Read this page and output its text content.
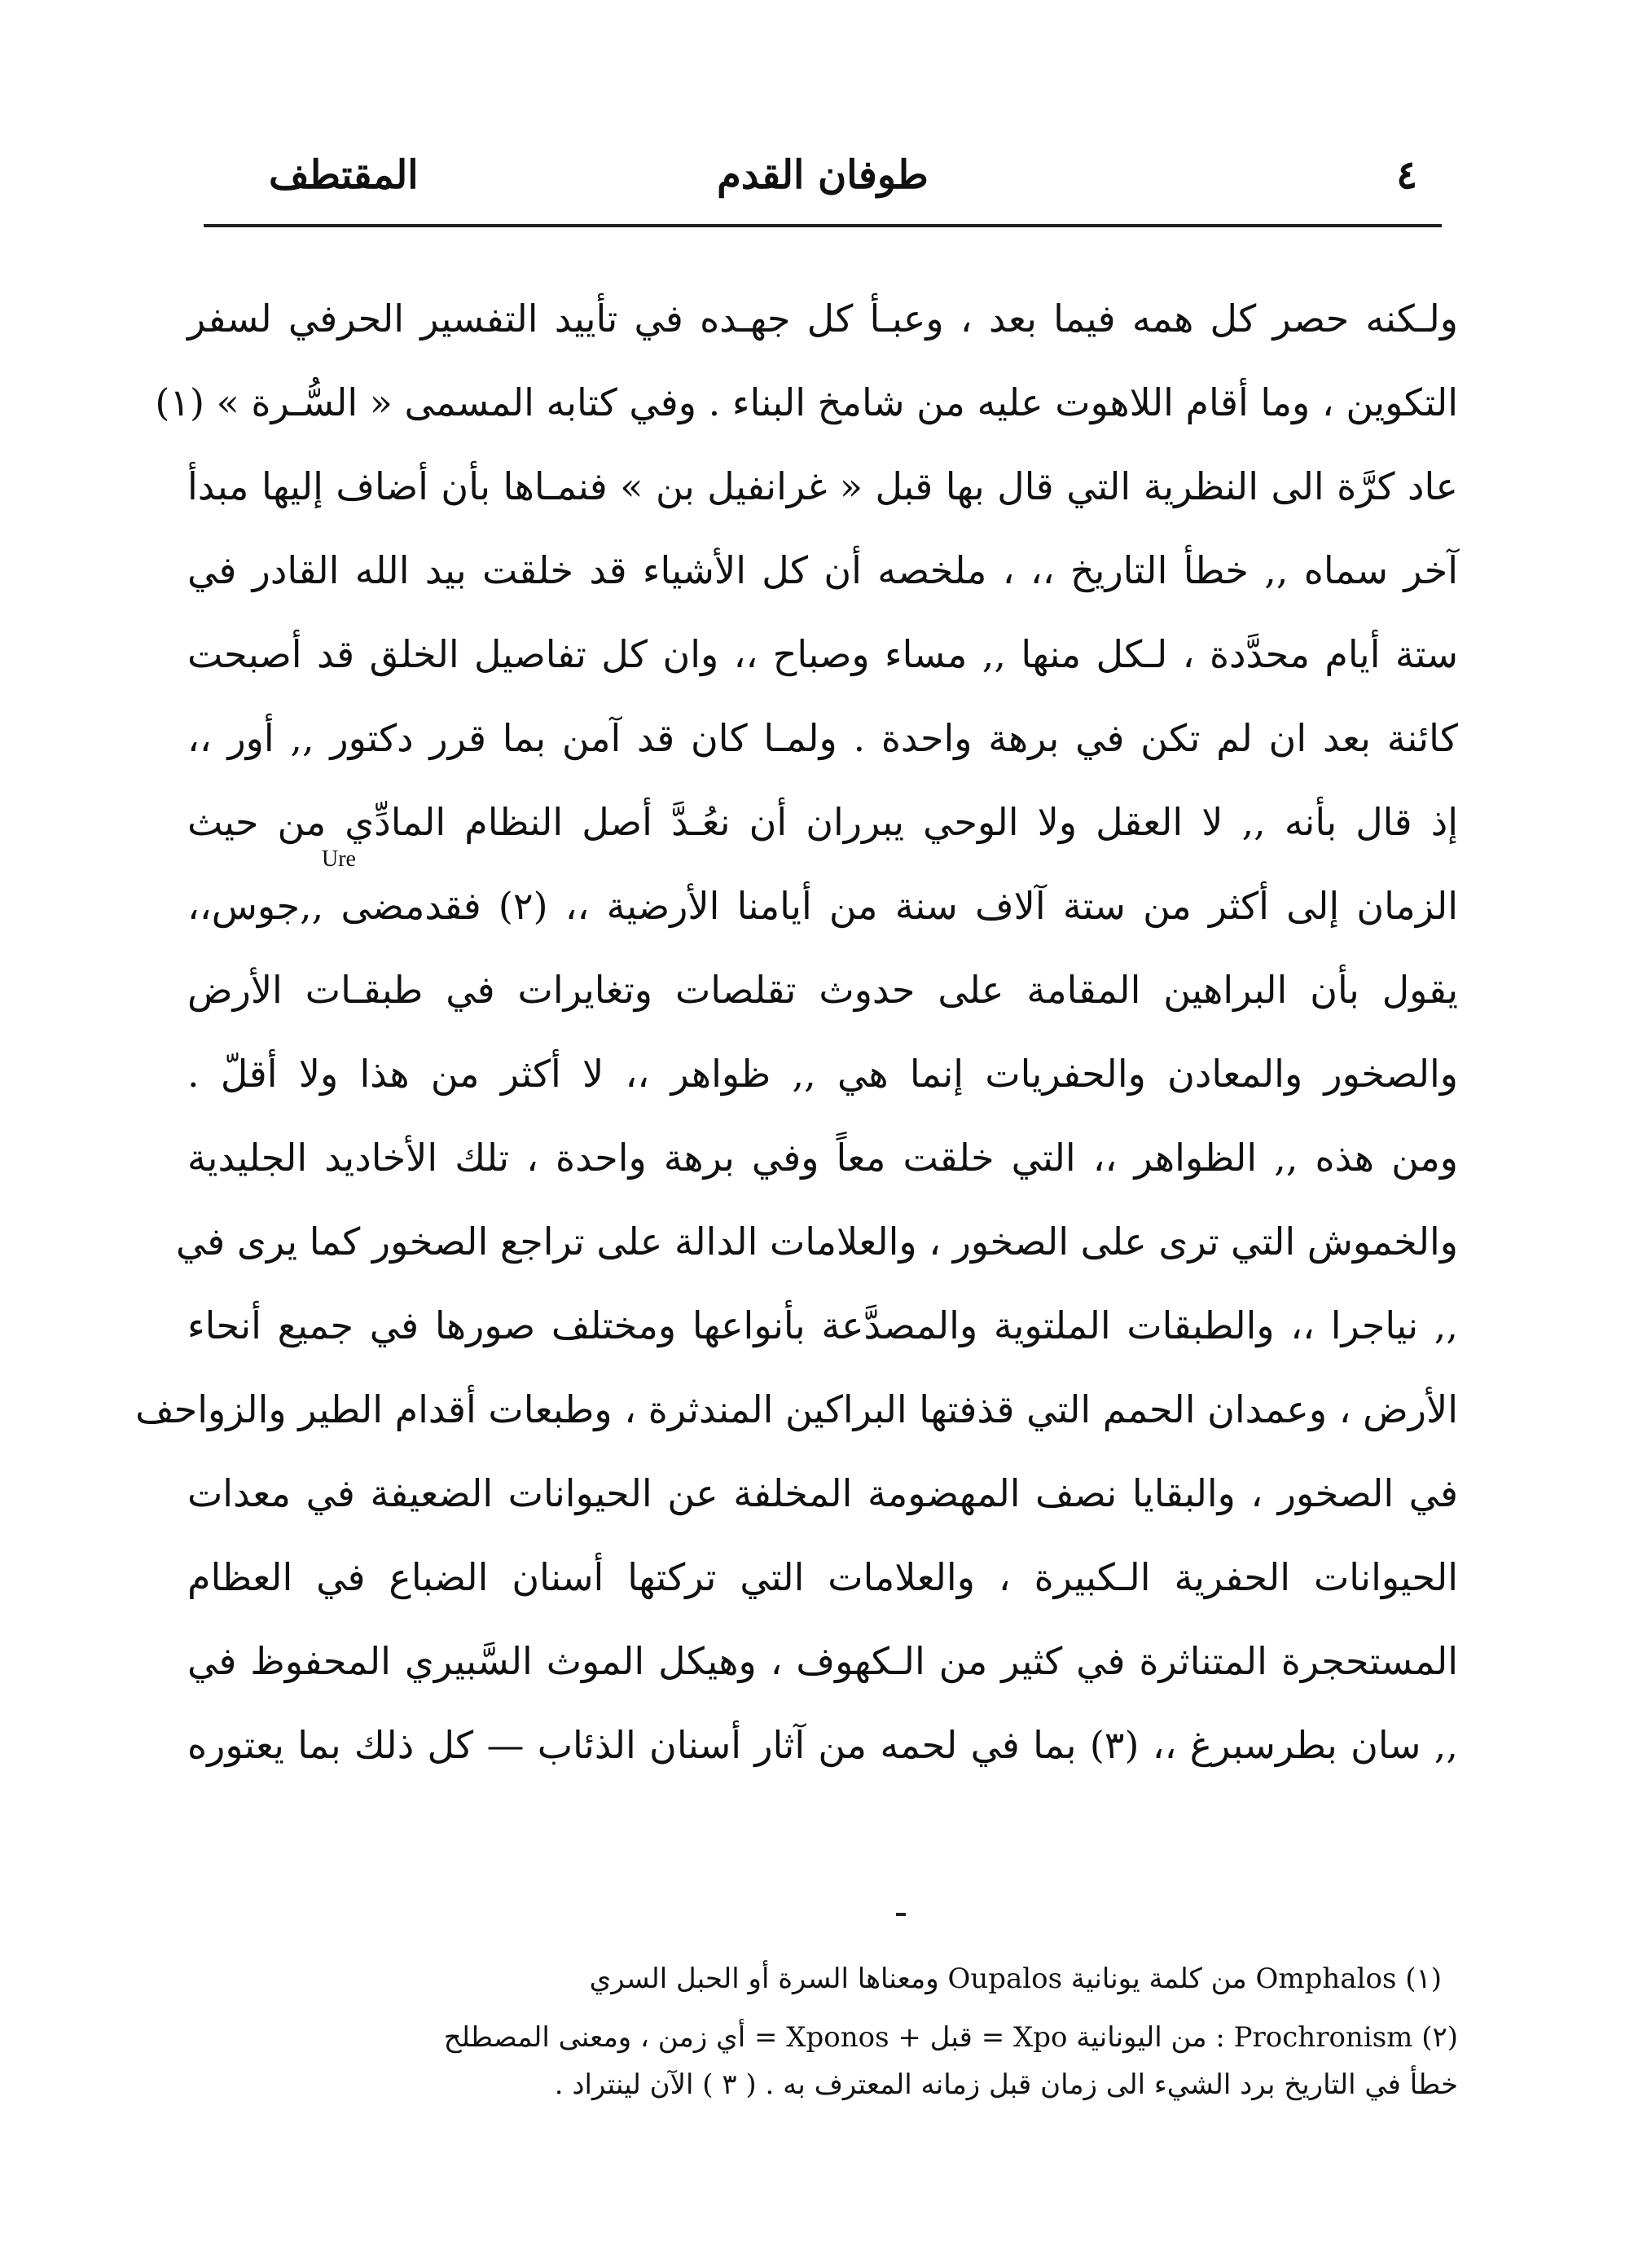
٤
طوفان القدم
المقتطف
ولـكنه حصر كل همه فيما بعد ، وعبـأ كل جهـده في تأييد التفسير الحرفي لسفر
التكوين ، وما أقام اللاهوت عليه من شامخ البناء . وفي كتابه المسمى « السُّـرة » (١)
عاد كرَّة الى النظرية التي قال بها قبل « غرانفيل بن » فنمـاها بأن أضاف إليها مبدأ
آخر سماه ,, خطأ التاريخ ،، ، ملخصه أن كل الأشياء قد خلقت بيد الله القادر في
ستة أيام محدَّدة ، لـكل منها ,, مساء وصباح ،، وان كل تفاصيل الخلق قد أصبحت
كائنة بعد ان لم تكن في برهة واحدة . ولمـا كان قد آمن بما قرر دكتور ,, أور ،،
إذ قال بأنه ,, لا العقل ولا الوحي يبرران أن نعُـدَّ أصل النظام المادِّي من حيث
الزمان إلى أكثر من ستة آلاف سنة من أيامنا الأرضية ،، (٢) فقدمضى ,,جوس،،
يقول بأن البراهين المقامة على حدوث تقلصات وتغايرات في طبقـات الأرض
والصخور والمعادن والحفريات إنما هي ,, ظواهر ،، لا أكثر من هذا ولا أقلّ .
ومن هذه ,, الظواهر ،، التي خلقت معاً وفي برهة واحدة ، تلك الأخاديد الجليدية
والخموش التي ترى على الصخور ، والعلامات الدالة على تراجع الصخور كما يرى في
,, نياجرا ،، والطبقات الملتوية والمصدَّعة بأنواعها ومختلف صورها في جميع أنحاء
الأرض ، وعمدان الحمم التي قذفتها البراكين المندثرة ، وطبعات أقدام الطير والزواحف
في الصخور ، والبقايا نصف المهضومة المخلفة عن الحيوانات الضعيفة في معدات
الحيوانات الحفرية الـكبيرة ، والعلامات التي تركتها أسنان الضباع في العظام
المستحجرة المتناثرة في كثير من الـكهوف ، وهيكل الموث السَّبيري المحفوظ في
,, سان بطرسبرغ ،، (٣) بما في لحمه من آثار أسنان الذئاب — كل ذلك بما يعتوره
Ure
(١) Omphalos من كلمة يونانية Oupalos ومعناها السرة أو الحبل السري
(٢) Prochronism : من اليونانية Xpo = قبل + Xponos = أي زمن ، ومعنى المصطلح
خطأ في التاريخ برد الشيء الى زمان قبل زمانه المعترف به . ( ٣ ) الآن لينتراد .
